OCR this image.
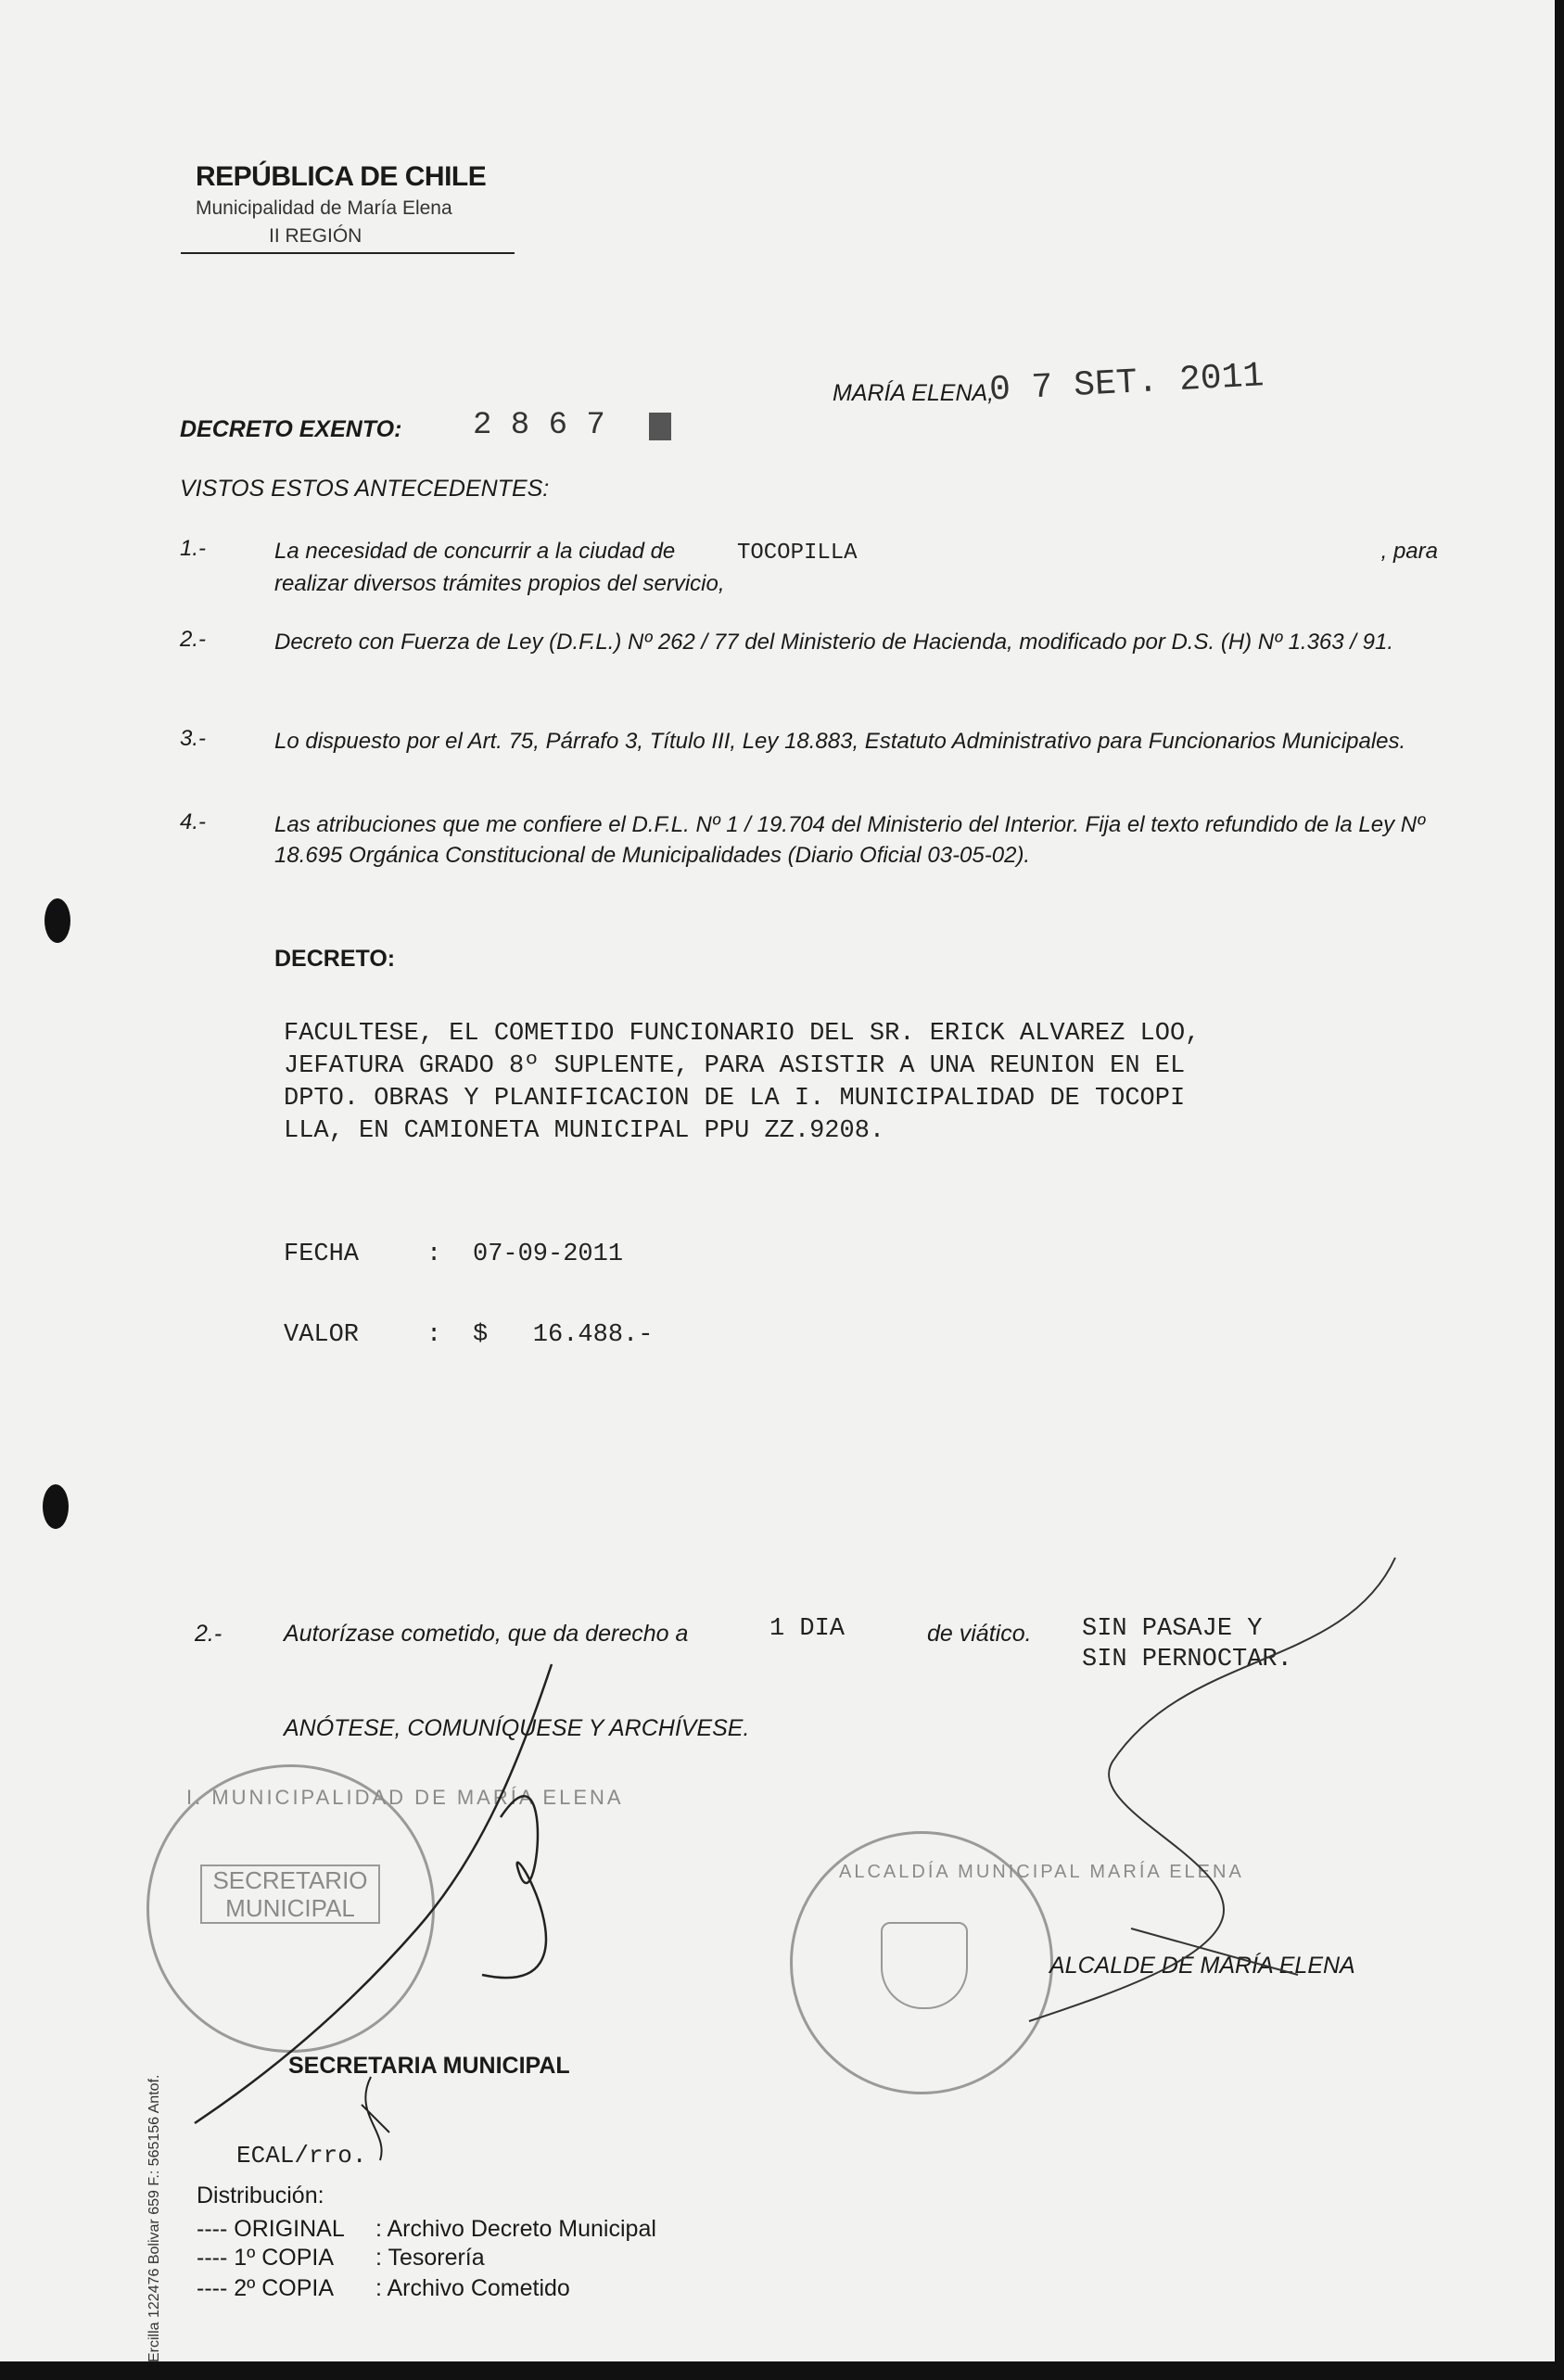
REPÚBLICA DE CHILE
Municipalidad de María Elena
II REGIÓN
MARÍA ELENA,
0 7 SET. 2011
DECRETO EXENTO: 2 8 6 7
VISTOS ESTOS ANTECEDENTES:
1.-	La necesidad de concurrir a la ciudad de	TOCOPILLA	, para

realizar diversos trámites propios del servicio,
2.-	Decreto con Fuerza de Ley (D.F.L.) Nº 262 / 77 del Ministerio de Hacienda, modificado por D.S. (H) Nº 1.363 / 91.
3.-	Lo dispuesto por el Art. 75, Párrafo 3, Título III, Ley 18.883, Estatuto Administrativo para Funcionarios Municipales.
4.-	Las atribuciones que me confiere el D.F.L. Nº 1 / 19.704 del Ministerio del Interior. Fija el texto refundido de la Ley Nº 18.695 Orgánica Constitucional de Municipalidades (Diario Oficial 03-05-02).
DECRETO:
FACULTESE, EL COMETIDO FUNCIONARIO DEL SR. ERICK ALVAREZ LOO,
JEFATURA GRADO 8º SUPLENTE, PARA ASISTIR A UNA REUNION EN EL
DPTO. OBRAS Y PLANIFICACION DE LA I. MUNICIPALIDAD DE TOCOPI
LLA, EN CAMIONETA MUNICIPAL PPU ZZ.9208.
FECHA	: 07-09-2011
VALOR	: $   16.488.-
2.-	Autorízase cometido, que da derecho a	1 DIA	de viático. SIN PASAJE Y
SIN PERNOCTAR.
ANÓTESE, COMUNÍQUESE Y ARCHÍVESE.
I. MUNICIPALIDAD DE MARÍA ELENA
SECRETARIO MUNICIPAL
ALCALDÍA MUNICIPAL MARÍA ELENA
ALCALDE DE MARÍA ELENA
SECRETARIA MUNICIPAL
ECAL/rro.
Distribución:
---- ORIGINAL : Archivo Decreto Municipal
---- 1º COPIA : Tesorería
---- 2º COPIA : Archivo Cometido
Ercilla 122476 Bolivar 659 F.: 565156 Antof.
